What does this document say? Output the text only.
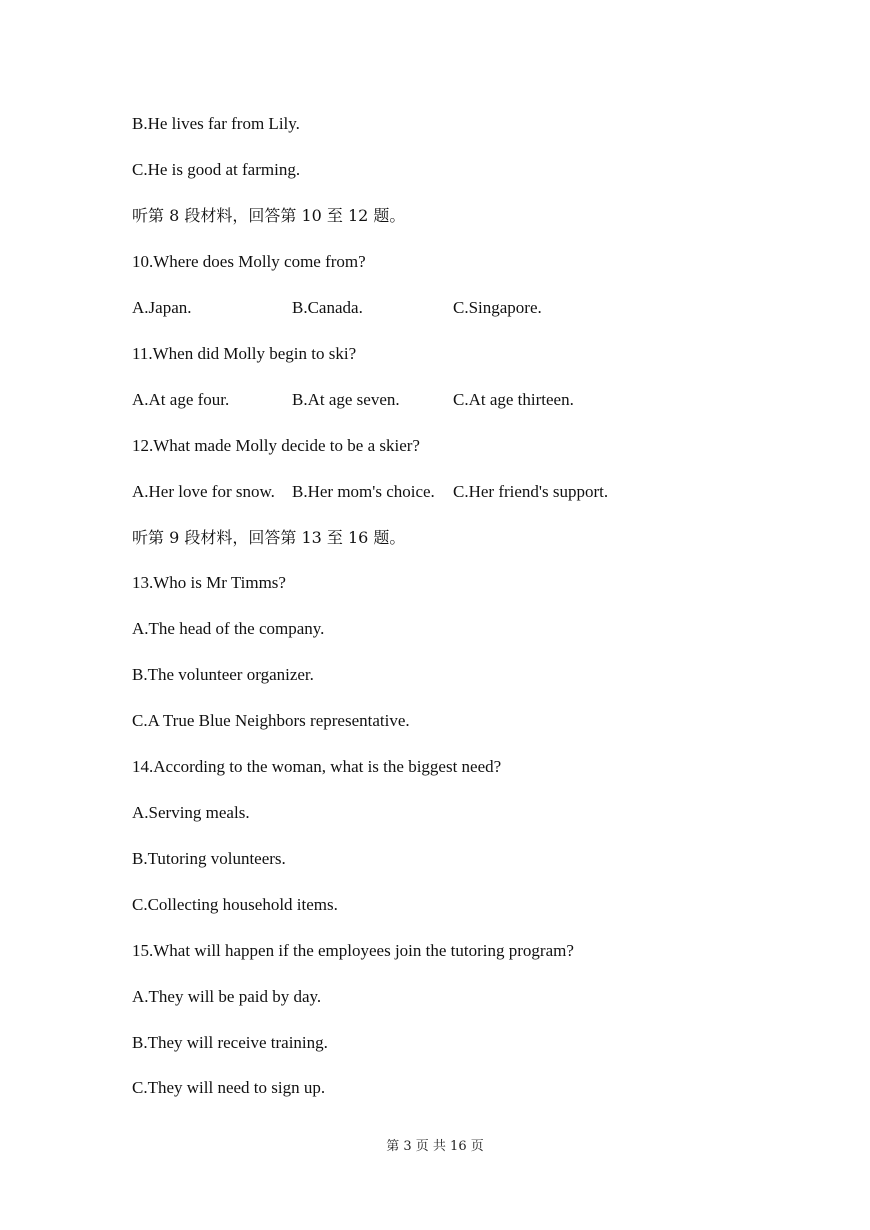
B.He lives far from Lily.
C.He is good at farming.
听第 8 段材料，回答第 10 至 12 题。
10.Where does Molly come from?
A.Japan.	B.Canada.	C.Singapore.
11.When did Molly begin to ski?
A.At age four.	B.At age seven.	C.At age thirteen.
12.What made Molly decide to be a skier?
A.Her love for snow. B.Her mom's choice. C.Her friend's support.
听第 9 段材料，回答第 13 至 16 题。
13.Who is Mr Timms?
A.The head of the company.
B.The volunteer organizer.
C.A True Blue Neighbors representative.
14.According to the woman, what is the biggest need?
A.Serving meals.
B.Tutoring volunteers.
C.Collecting household items.
15.What will happen if the employees join the tutoring program?
A.They will be paid by day.
B.They will receive training.
C.They will need to sign up.
第 3 页 共 16 页
